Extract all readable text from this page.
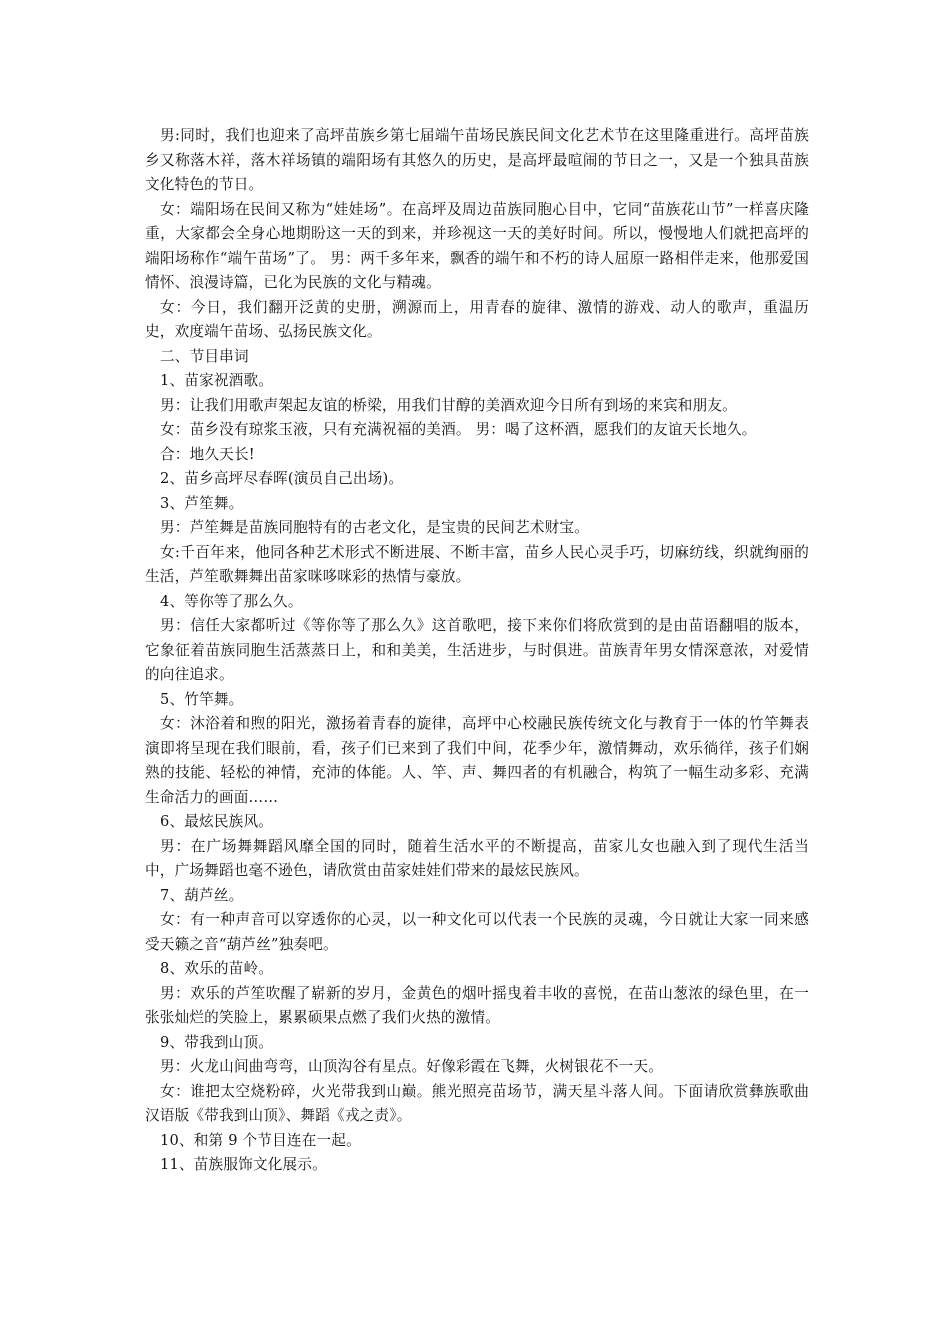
男:同时，我们也迎来了高坪苗族乡第七届端午苗场民族民间文化艺术节在这里隆重进行。高坪苗族乡又称落木祥，落木祥场镇的端阳场有其悠久的历史，是高坪最喧闹的节日之一，又是一个独具苗族文化特色的节日。

女：端阳场在民间又称为“娃娃场”。在高坪及周边苗族同胞心目中，它同“苗族花山节”一样喜庆隆重，大家都会全身心地期盼这一天的到来，并珍视这一天的美好时间。所以，慢慢地人们就把高坪的端阳场称作“端午苗场”了。 男：两千多年来，飘香的端午和不朽的诗人屈原一路相伴走来，他那爱国情怀、浪漫诗篇，已化为民族的文化与精魂。

女：今日，我们翻开泛黄的史册，溯源而上，用青春的旋律、激情的游戏、动人的歌声，重温历史，欢度端午苗场、弘扬民族文化。

二、节目串词

1、苗家祝酒歌。

男：让我们用歌声架起友谊的桥梁，用我们甘醇的美酒欢迎今日所有到场的来宾和朋友。

女：苗乡没有琼浆玉液，只有充满祝福的美酒。 男：喝了这杯酒，愿我们的友谊天长地久。

合：地久天长!

2、苗乡高坪尽春晖(演员自己出场)。

3、芦笙舞。

男：芦笙舞是苗族同胞特有的古老文化，是宝贵的民间艺术财宝。

女:千百年来，他同各种艺术形式不断进展、不断丰富，苗乡人民心灵手巧，切麻纺线，织就绚丽的生活，芦笙歌舞舞出苗家咪哆咪彩的热情与豪放。

4、等你等了那么久。

男：信任大家都听过《等你等了那么久》这首歌吧，接下来你们将欣赏到的是由苗语翻唱的版本，它象征着苗族同胞生活蒸蒸日上，和和美美，生活进步，与时俱进。苗族青年男女情深意浓，对爱情的向往追求。

5、竹竿舞。

女：沐浴着和煦的阳光，激扬着青春的旋律，高坪中心校融民族传统文化与教育于一体的竹竿舞表演即将呈现在我们眼前，看，孩子们已来到了我们中间，花季少年，激情舞动，欢乐徜徉，孩子们娴熟的技能、轻松的神情，充沛的体能。人、竿、声、舞四者的有机融合，构筑了一幅生动多彩、充满生命活力的画面……

6、最炫民族风。

男：在广场舞舞蹈风靡全国的同时，随着生活水平的不断提高，苗家儿女也融入到了现代生活当中，广场舞蹈也毫不逊色，请欣赏由苗家娃娃们带来的最炫民族风。

7、葫芦丝。

女：有一种声音可以穿透你的心灵，以一种文化可以代表一个民族的灵魂，今日就让大家一同来感受天籁之音“葫芦丝”独奏吧。

8、欢乐的苗岭。

男：欢乐的芦笙吹醒了崭新的岁月，金黄色的烟叶摇曳着丰收的喜悦，在苗山葱浓的绿色里，在一张张灿烂的笑脸上，累累硕果点燃了我们火热的激情。

9、带我到山顶。

男：火龙山间曲弯弯，山顶沟谷有星点。好像彩霞在飞舞，火树银花不一天。

女：谁把太空烧粉碎，火光带我到山巅。熊光照亮苗场节，满天星斗落人间。下面请欣赏彝族歌曲汉语版《带我到山顶》、舞蹈《戎之责》。

10、和第 9 个节目连在一起。

11、苗族服饰文化展示。
